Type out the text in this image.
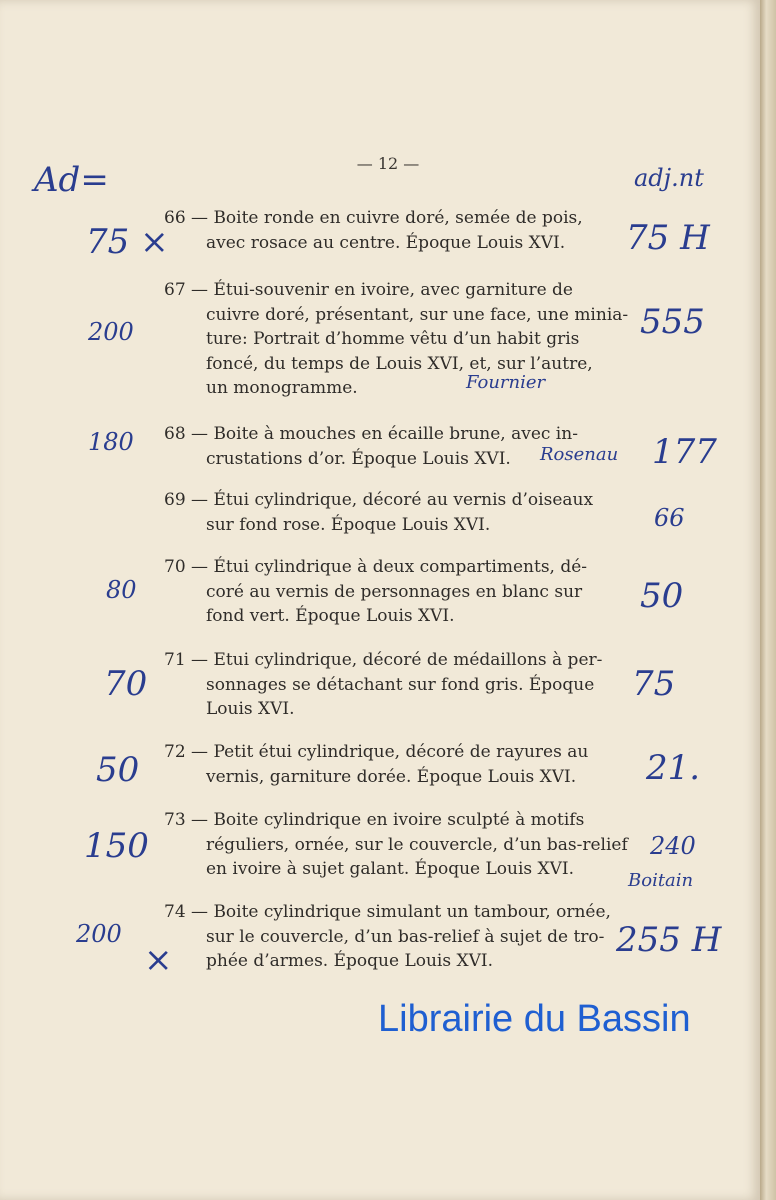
— 12 —
66 — Boite ronde en cuivre doré, semée de pois,
avec rosace au centre. Époque Louis XVI.
67 — Étui-souvenir en ivoire, avec garniture de
cuivre doré, présentant, sur une face, une minia-
ture: Portrait d’homme vêtu d’un habit gris
foncé, du temps de Louis XVI, et, sur l’autre,
un monogramme.
68 — Boite à mouches en écaille brune, avec in-
crustations d’or. Époque Louis XVI.
69 — Étui cylindrique, décoré au vernis d’oiseaux
sur fond rose. Époque Louis XVI.
70 — Étui cylindrique à deux compartiments, dé-
coré au vernis de personnages en blanc sur
fond vert. Époque Louis XVI.
71 — Etui cylindrique, décoré de médaillons à per-
sonnages se détachant sur fond gris. Époque
Louis XVI.
72 — Petit étui cylindrique, décoré de rayures au
vernis, garniture dorée. Époque Louis XVI.
73 — Boite cylindrique en ivoire sculpté à motifs
réguliers, ornée, sur le couvercle, d’un bas-relief
en ivoire à sujet galant. Époque Louis XVI.
74 — Boite cylindrique simulant un tambour, ornée,
sur le couvercle, d’un bas-relief à sujet de tro-
phée d’armes. Époque Louis XVI.
Ad=
75 ×
200
180
80
70
50
150
200
×
adj.nt
75 H
555
Fournier
Rosenau 177
66
50
75
21.
240
Boitain
255 H
Librairie du Bassin
